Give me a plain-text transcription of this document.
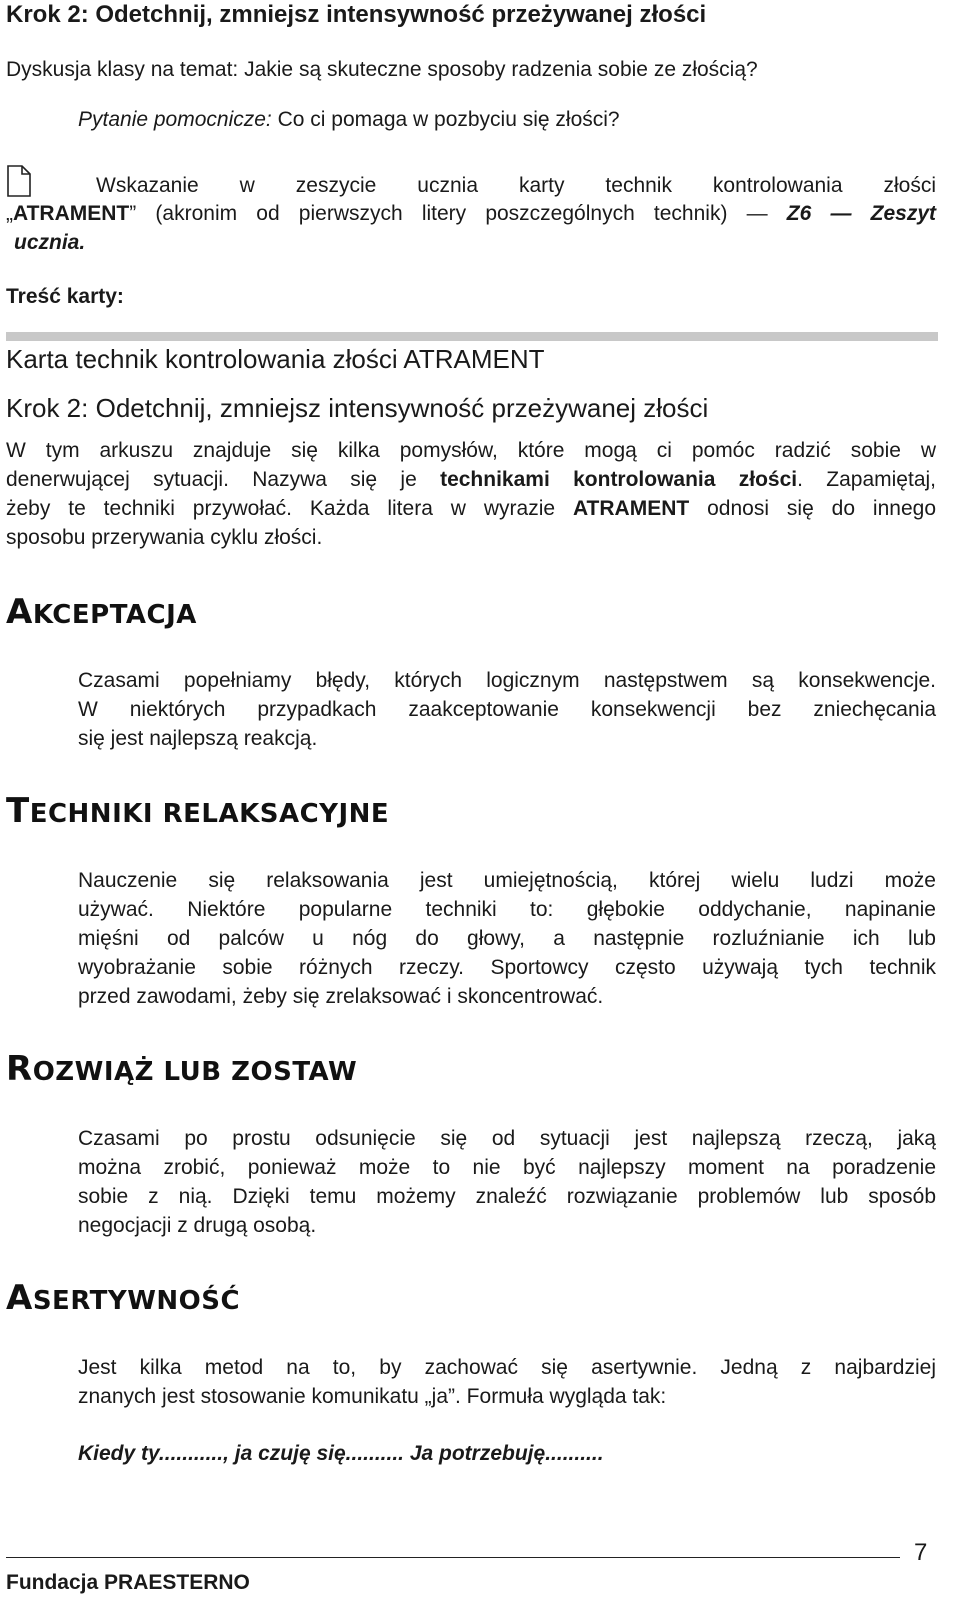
Krok 2: Odetchnij, zmniejsz intensywność przeżywanej złości
Dyskusja klasy na temat: Jakie są skuteczne sposoby radzenia sobie ze złością?
Pytanie pomocnicze: Co ci pomaga w pozbyciu się złości?
Wskazanie w zeszycie ucznia karty technik kontrolowania złości
„ATRAMENT” (akronim od pierwszych litery poszczególnych technik) — Z6 — Zeszyt
ucznia.
Treść karty:
Karta technik kontrolowania złości ATRAMENT
Krok 2: Odetchnij, zmniejsz intensywność przeżywanej złości
W tym arkuszu znajduje się kilka pomysłów, które mogą ci pomóc radzić sobie w
denerwującej sytuacji. Nazywa się je technikami kontrolowania złości. Zapamiętaj,
żeby te techniki przywołać. Każda litera w wyrazie ATRAMENT odnosi się do innego
sposobu przerywania cyklu złości.
AKCEPTACJA
Czasami popełniamy błędy, których logicznym następstwem są konsekwencje.
W niektórych przypadkach zaakceptowanie konsekwencji bez zniechęcania
się jest najlepszą reakcją.
TECHNIKI RELAKSACYJNE
Nauczenie się relaksowania jest umiejętnością, której wielu ludzi może
używać. Niektóre popularne techniki to: głębokie oddychanie, napinanie
mięśni od palców u nóg do głowy, a następnie rozluźnianie ich lub
wyobrażanie sobie różnych rzeczy. Sportowcy często używają tych technik
przed zawodami, żeby się zrelaksować i skoncentrować.
ROZWIĄŻ LUB ZOSTAW
Czasami po prostu odsunięcie się od sytuacji jest najlepszą rzeczą, jaką
można zrobić, ponieważ może to nie być najlepszy moment na poradzenie
sobie z nią. Dzięki temu możemy znaleźć rozwiązanie problemów lub sposób
negocjacji z drugą osobą.
ASERTYWNOŚĆ
Jest kilka metod na to, by zachować się asertywnie. Jedną z najbardziej
znanych jest stosowanie komunikatu „ja”. Formuła wygląda tak:
Kiedy ty..........., ja czuję się.......... Ja potrzebuję..........
Fundacja PRAESTERNO
7
